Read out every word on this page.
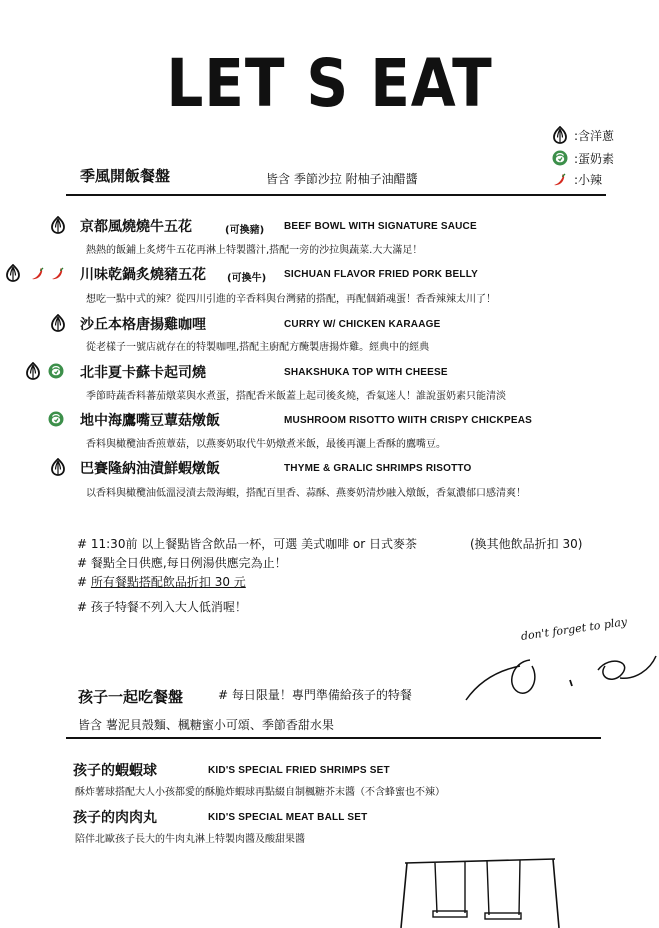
LET S EAT
:含洋蔥
:蛋奶素
:小辣
季風開飯餐盤	皆含 季節沙拉 附柚子油醋醬
京都風燒燒牛五花	(可換豬) BEEF BOWL WITH SIGNATURE SAUCE
熱熱的飯鋪上炙烤牛五花再淋上特製醬汁,搭配一旁的沙拉與蔬菜.大大滿足！
川味乾鍋炙燒豬五花 (可換牛) SICHUAN FLAVOR FRIED PORK BELLY
想吃一點中式的辣？從四川引進的辛香料與台灣豬的搭配，再配個銷魂蛋！香香辣辣太川了！
沙丘本格唐揚雞咖哩	CURRY W/ CHICKEN KARAAGE
從老樣子一號店就存在的特製咖哩,搭配主廚配方醃製唐揚炸雞。經典中的經典
北非夏卡蘇卡起司燒	SHAKSHUKA TOP WITH CHEESE
季節時蔬香料蕃茄燉菜與水煮蛋，搭配香米飯蓋上起司後炙燒，香氣迷人！誰說蛋奶素只能清淡
地中海鷹嘴豆蕈菇燉飯	MUSHROOM RISOTTO WIITH CRISPY CHICKPEAS
香料與橄欖油香煎蕈菇，以燕麥奶取代牛奶燉煮米飯，最後再灑上香酥的鷹嘴豆。
巴賽隆納油漬鮮蝦燉飯	THYME & GRALIC SHRIMPS RISOTTO
以香料與橄欖油低溫浸漬去殼海蝦，搭配百里香、蒜酥、燕麥奶清炒融入燉飯，香氣濃郁口感清爽！
# 11:30前 以上餐點皆含飲品一杯，可選 美式咖啡 or 日式麥茶	(換其他飲品折扣 30)
# 餐點全日供應,每日例湯供應完為止！
# 所有餐點搭配飲品折扣 30 元
# 孩子特餐不列入大人低消喔！
don't forget to play
孩子一起吃餐盤	# 每日限量！專門準備給孩子的特餐
皆含 薯泥貝殼麵、楓糖蜜小可頌、季節香甜水果
孩子的蝦蝦球	KID'S SPECIAL FRIED SHRIMPS SET
酥炸薯球搭配大人小孩都愛的酥脆炸蝦球再點綴自制楓糖芥末醬（不含蜂蜜也不辣）
孩子的肉肉丸	KID'S SPECIAL MEAT BALL SET
陪伴北歐孩子長大的牛肉丸淋上特製肉醬及酸甜果醬
